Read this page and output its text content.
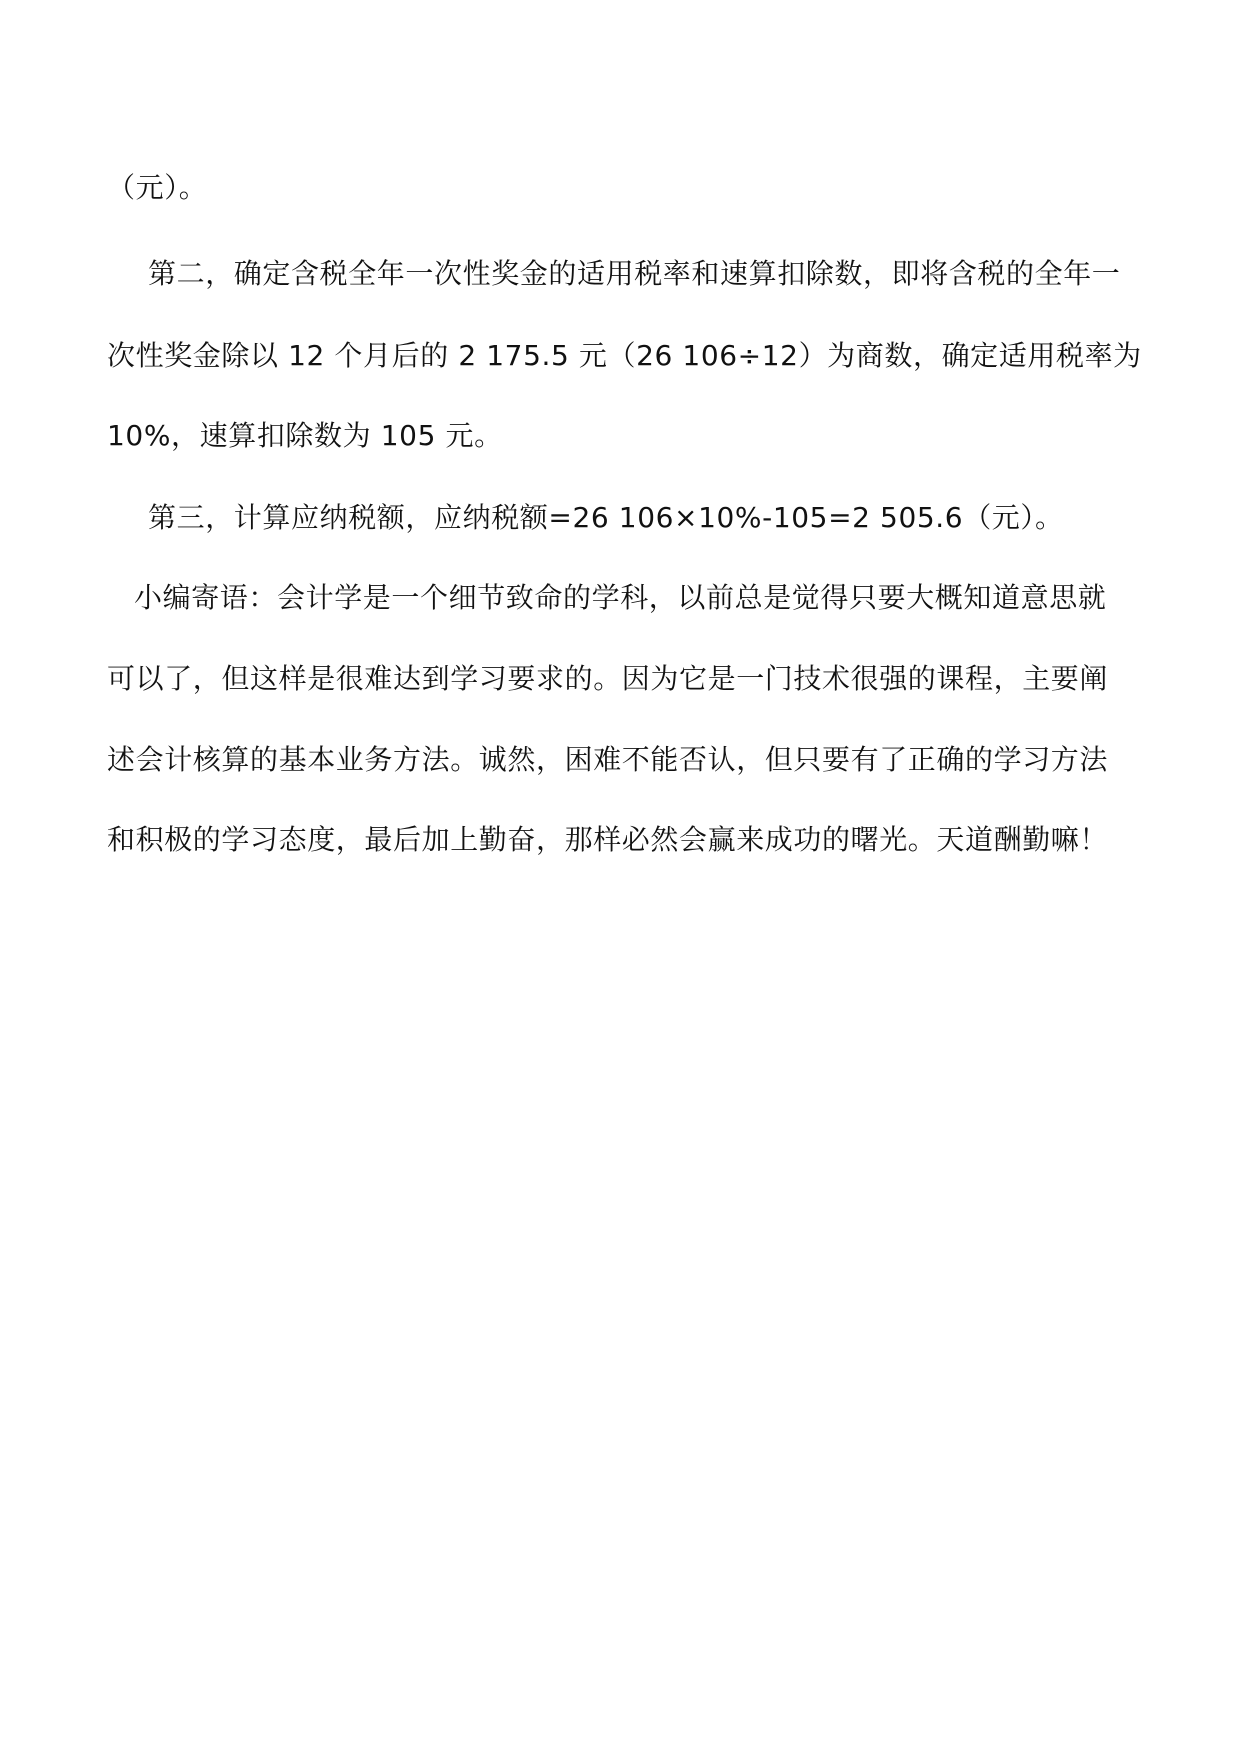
（元）。

第二，确定含税全年一次性奖金的适用税率和速算扣除数，即将含税的全年一

次性奖金除以 12 个月后的 2 175.5 元（26 106÷12）为商数，确定适用税率为

10%，速算扣除数为 105 元。

第三，计算应纳税额，应纳税额=26 106×10%-105=2 505.6（元）。

小编寄语：会计学是一个细节致命的学科，以前总是觉得只要大概知道意思就

可以了，但这样是很难达到学习要求的。因为它是一门技术很强的课程，主要阐

述会计核算的基本业务方法。诚然，困难不能否认，但只要有了正确的学习方法

和积极的学习态度，最后加上勤奋，那样必然会赢来成功的曙光。天道酬勤嘛！
